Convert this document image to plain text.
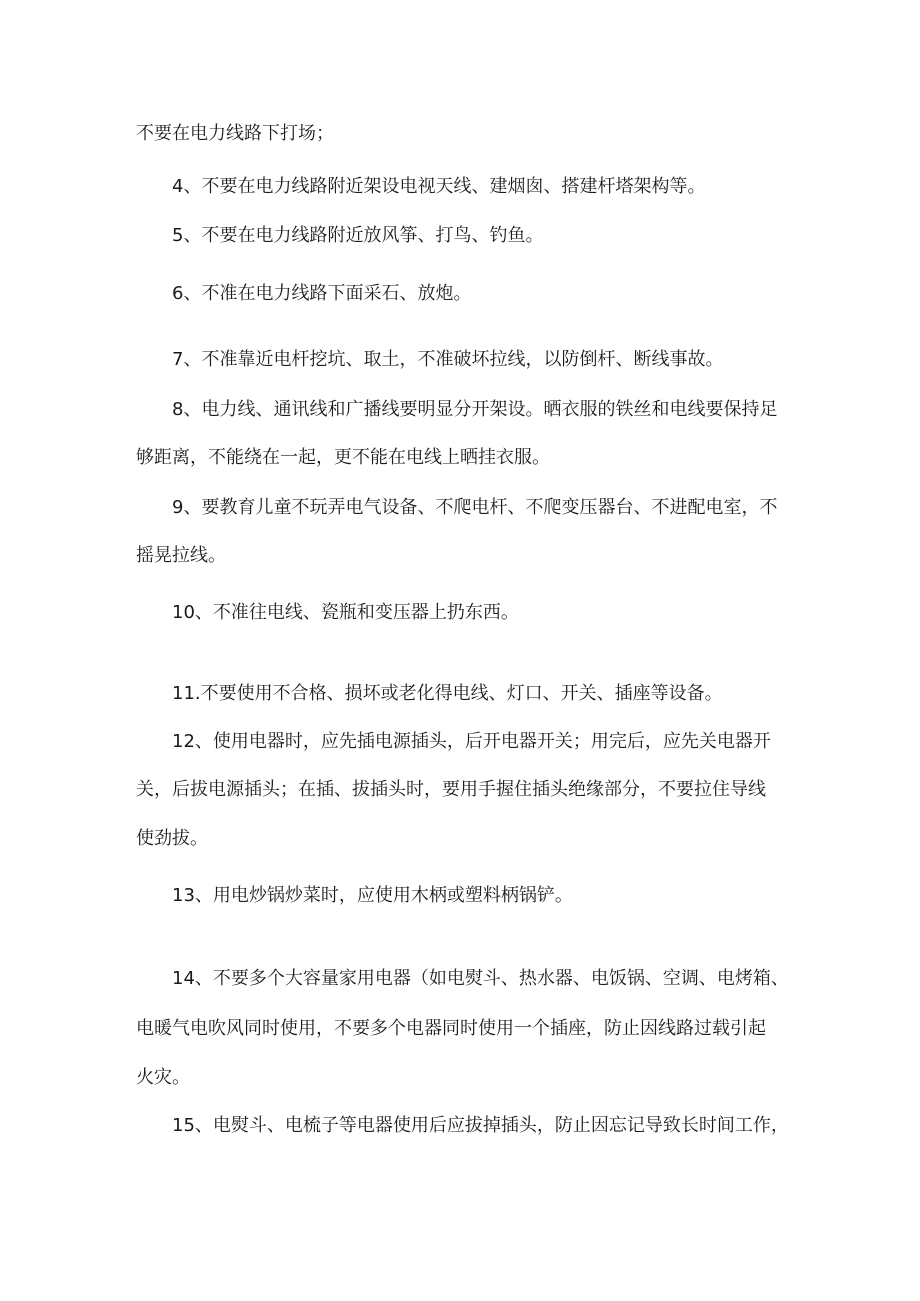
不要在电力线路下打场；
4、不要在电力线路附近架设电视天线、建烟囱、搭建杆塔架构等。
5、不要在电力线路附近放风筝、打鸟、钓鱼。
6、不准在电力线路下面采石、放炮。
7、不准靠近电杆挖坑、取土，不准破坏拉线，以防倒杆、断线事故。
8、电力线、通讯线和广播线要明显分开架设。晒衣服的铁丝和电线要保持足
够距离，不能绕在一起，更不能在电线上晒挂衣服。
9、要教育儿童不玩弄电气设备、不爬电杆、不爬变压器台、不进配电室，不
摇晃拉线。
10、不准往电线、瓷瓶和变压器上扔东西。
11.不要使用不合格、损坏或老化得电线、灯口、开关、插座等设备。
12、使用电器时，应先插电源插头，后开电器开关；用完后，应先关电器开
关，后拔电源插头；在插、拔插头时，要用手握住插头绝缘部分，不要拉住导线
使劲拔。
13、用电炒锅炒菜时，应使用木柄或塑料柄锅铲。
14、不要多个大容量家用电器（如电熨斗、热水器、电饭锅、空调、电烤箱、
电暖气电吹风同时使用，不要多个电器同时使用一个插座，防止因线路过载引起
火灾。
15、电熨斗、电梳子等电器使用后应拔掉插头，防止因忘记导致长时间工作，
